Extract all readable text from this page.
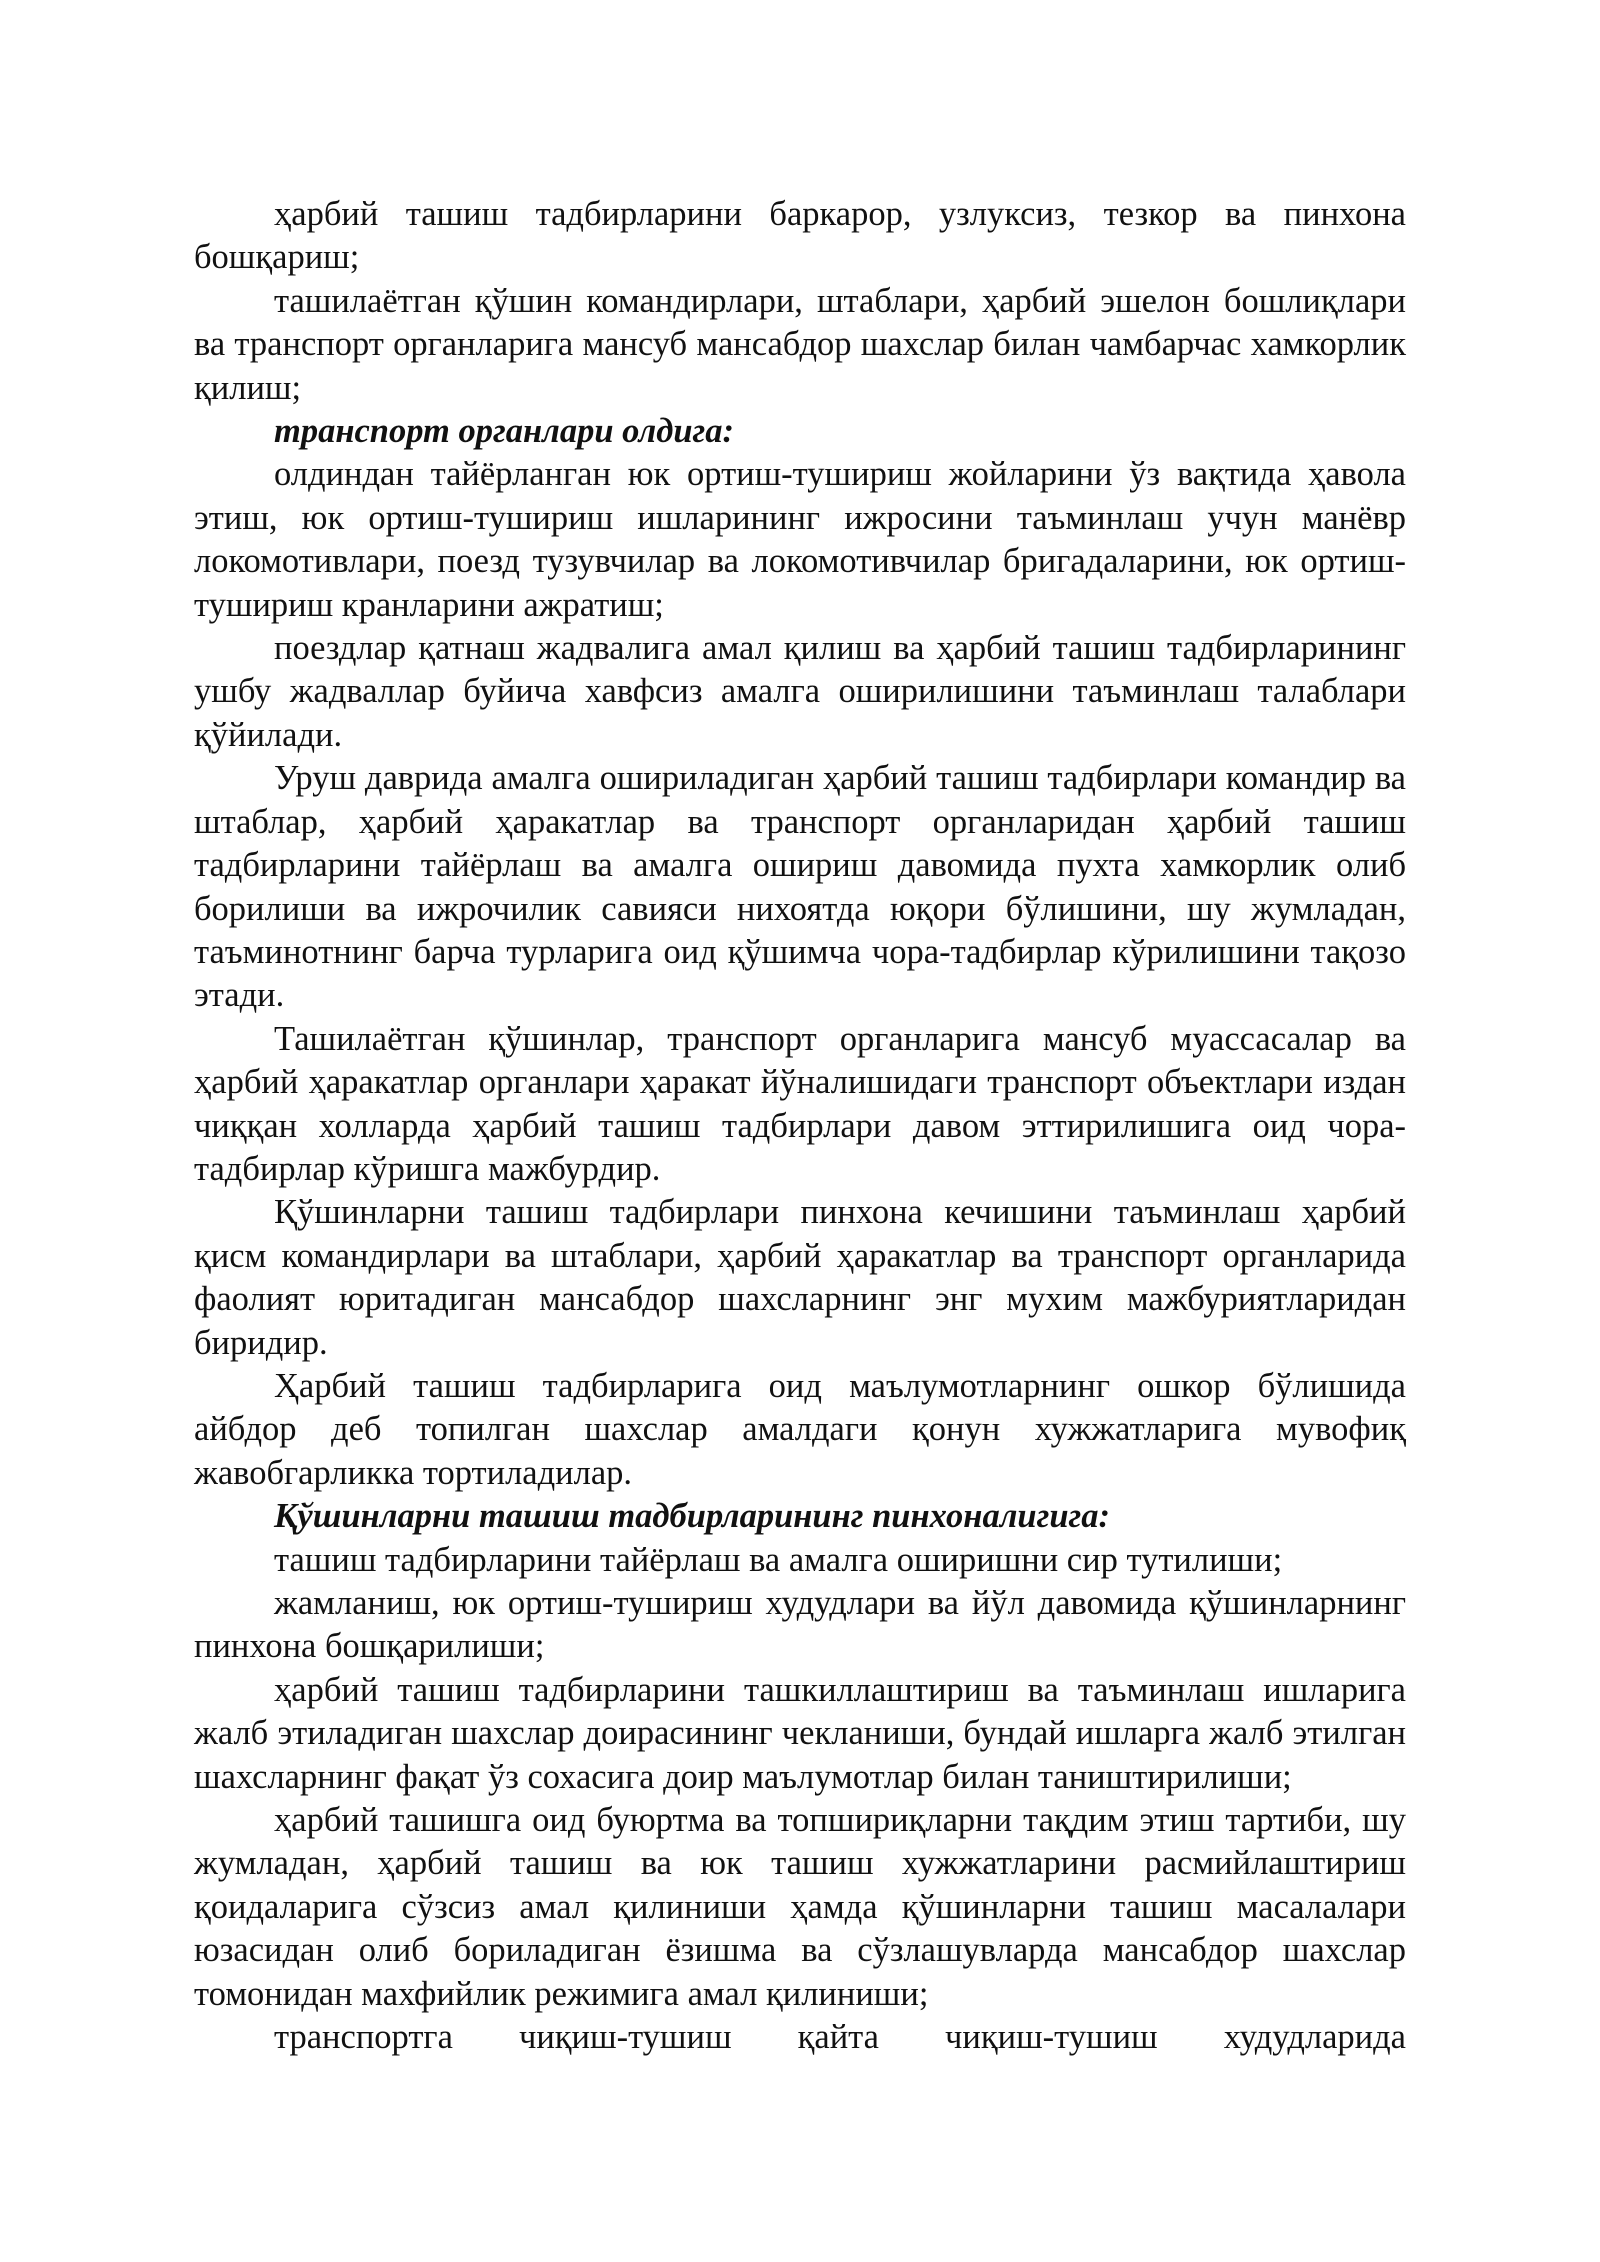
ҳарбий ташиш тадбирларини баркарор, узлуксиз, тезкор ва пинхона бошқариш;

ташилаётган қўшин командирлари, штаблари, ҳарбий эшелон бошлиқлари ва транспорт органларига мансуб мансабдор шахслар билан чамбарчас хамкорлик қилиш;

транспорт органлари олдига:

олдиндан тайёрланган юк ортиш-тушириш жойларини ўз вақтида ҳавола этиш, юк ортиш-тушириш ишларининг ижросини таъминлаш учун манёвр локомотивлари, поезд тузувчилар ва локомотивчилар бригадаларини, юк ортиш-тушириш кранларини ажратиш;

поездлар қатнаш жадвалига амал қилиш ва ҳарбий ташиш тадбирларининг ушбу жадваллар буйича хавфсиз амалга оширилишини таъминлаш талаблари қўйилади.

Уруш даврида амалга ошириладиган ҳарбий ташиш тадбирлари командир ва штаблар, ҳарбий ҳаракатлар ва транспорт органларидан ҳарбий ташиш тадбирларини тайёрлаш ва амалга ошириш давомида пухта хамкорлик олиб борилиши ва ижрочилик савияси нихоятда юқори бўлишини, шу жумладан, таъминотнинг барча турларига оид қўшимча чора-тадбирлар кўрилишини тақозо этади.

Ташилаётган қўшинлар, транспорт органларига мансуб муассасалар ва ҳарбий ҳаракатлар органлари ҳаракат йўналишидаги транспорт объектлари издан чиққан холларда ҳарбий ташиш тадбирлари давом эттирилишига оид чора-тадбирлар кўришга мажбурдир.

Қўшинларни ташиш тадбирлари пинхона кечишини таъминлаш ҳарбий қисм командирлари ва штаблари, ҳарбий ҳаракатлар ва транспорт органларида фаолият юритадиган мансабдор шахсларнинг энг мухим мажбуриятларидан биридир.

Ҳарбий ташиш тадбирларига оид маълумотларнинг ошкор бўлишида айбдор деб топилган шахслар амалдаги қонун хужжатларига мувофиқ жавобгарликка тортиладилар.

Қўшинларни ташиш тадбирларининг пинхоналигига:

ташиш тадбирларини тайёрлаш ва амалга оширишни сир тутилиши;

жамланиш, юк ортиш-тушириш худудлари ва йўл давомида қўшинларнинг пинхона бошқарилиши;

ҳарбий ташиш тадбирларини ташкиллаштириш ва таъминлаш ишларига жалб этиладиган шахслар доирасининг чекланиши, бундай ишларга жалб этилган шахсларнинг фақат ўз сохасига доир маълумотлар билан таништирилиши;

ҳарбий ташишга оид буюртма ва топшириқларни тақдим этиш тартиби, шу жумладан, ҳарбий ташиш ва юк ташиш хужжатларини расмийлаштириш қоидаларига сўзсиз амал қилиниши ҳамда қўшинларни ташиш масалалари юзасидан олиб бориладиган ёзишма ва сўзлашувларда мансабдор шахслар томонидан махфийлик режимига амал қилиниши;

транспортга чиқиш-тушиш қайта чиқиш-тушиш худудларида
